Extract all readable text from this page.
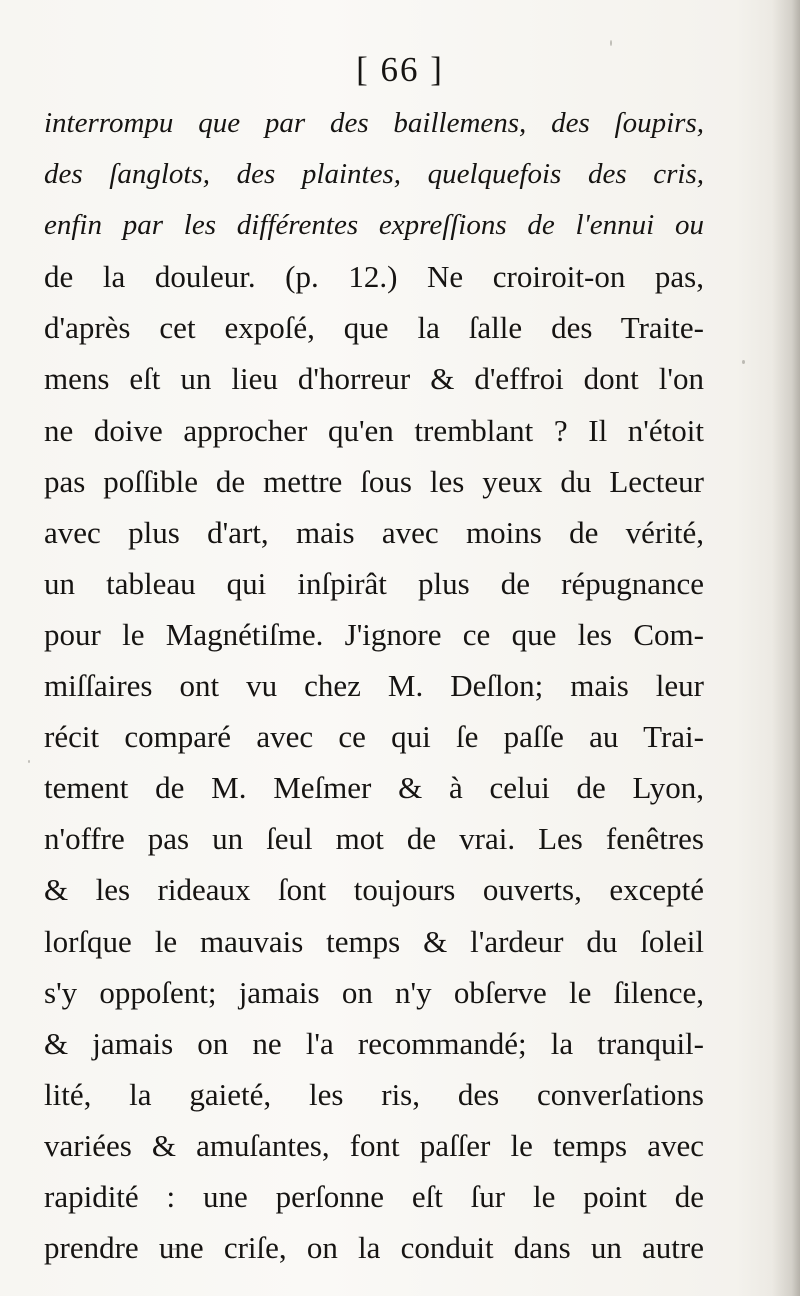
[ 66 ]
interrompu que par des baillemens, des ſoupirs,
des ſanglots, des plaintes, quelquefois des cris,
enfin par les différentes expreſſions de l'ennui ou
de la douleur. (p. 12.) Ne croiroit-on pas,
d'après cet expoſé, que la ſalle des Traite-
mens eſt un lieu d'horreur & d'effroi dont l'on
ne doive approcher qu'en tremblant ? Il n'étoit
pas poſſible de mettre ſous les yeux du Lecteur
avec plus d'art, mais avec moins de vérité,
un tableau qui inſpirât plus de répugnance
pour le Magnétiſme. J'ignore ce que les Com-
miſſaires ont vu chez M. Deſlon; mais leur
récit comparé avec ce qui ſe paſſe au Trai-
tement de M. Meſmer & à celui de Lyon,
n'offre pas un ſeul mot de vrai. Les fenêtres
& les rideaux ſont toujours ouverts, excepté
lorſque le mauvais temps & l'ardeur du ſoleil
s'y oppoſent; jamais on n'y obſerve le ſilence,
& jamais on ne l'a recommandé; la tranquil-
lité, la gaieté, les ris, des converſations
variées & amuſantes, font paſſer le temps avec
rapidité : une perſonne eſt ſur le point de
prendre une criſe, on la conduit dans un autre
